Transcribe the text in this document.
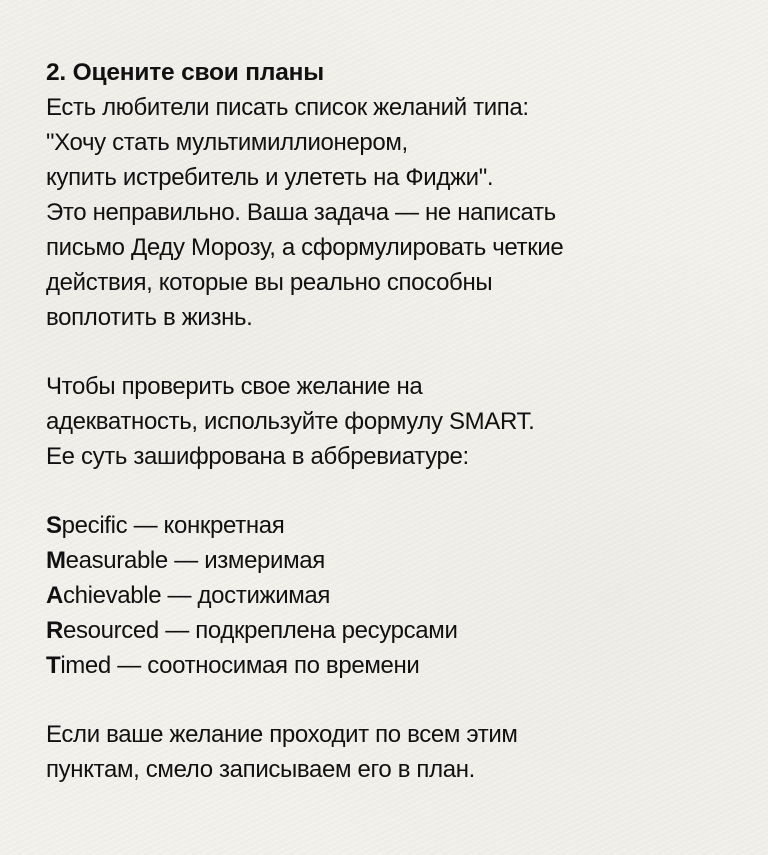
2. Оцените свои планы

Есть любители писать список желаний типа:
"Хочу стать мультимиллионером,
купить истребитель и улететь на Фиджи".
Это неправильно. Ваша задача — не написать
письмо Деду Морозу, а сформулировать четкие
действия, которые вы реально способны
воплотить в жизнь.

Чтобы проверить свое желание на
адекватность, используйте формулу SMART.
Ее суть зашифрована в аббревиатуре:

Specific — конкретная
Measurable — измеримая
Achievable — достижимая
Resourced — подкреплена ресурсами
Timed — соотносимая по времени

Если ваше желание проходит по всем этим
пунктам, смело записываем его в план.
